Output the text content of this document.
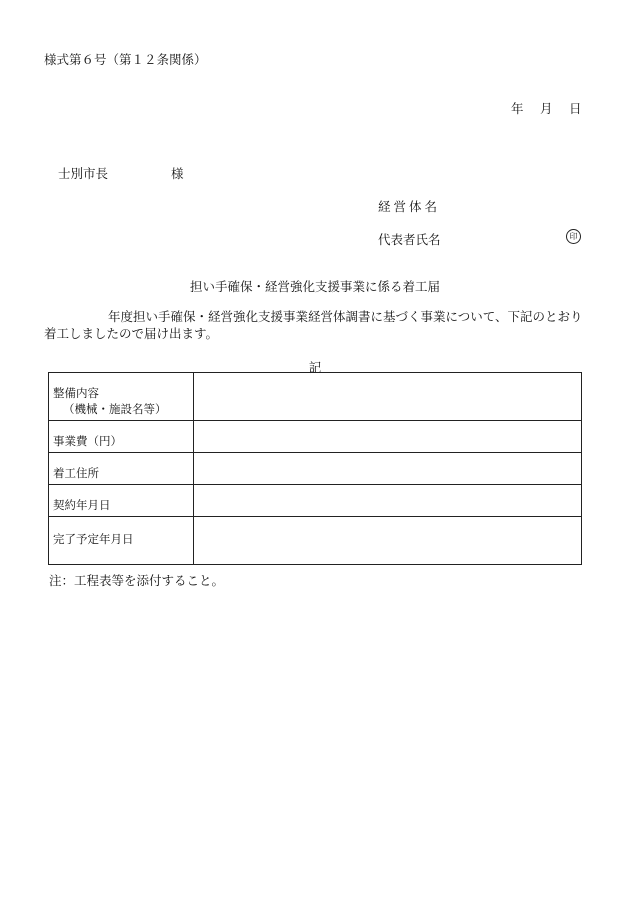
様式第６号（第１２条関係）
年　 月　 日
士別市長	様
経営体名
代表者氏名	印
担い手確保・経営強化支援事業に係る着工届
年度担い手確保・経営強化支援事業経営体調書に基づく事業について、下記のとおり着工しましたので届け出ます。
記
整備内容
（機械・施設名等）	

事業費（円）	
着工住所	
契約年月日	
完了予定年月日	
注：工程表等を添付すること。
